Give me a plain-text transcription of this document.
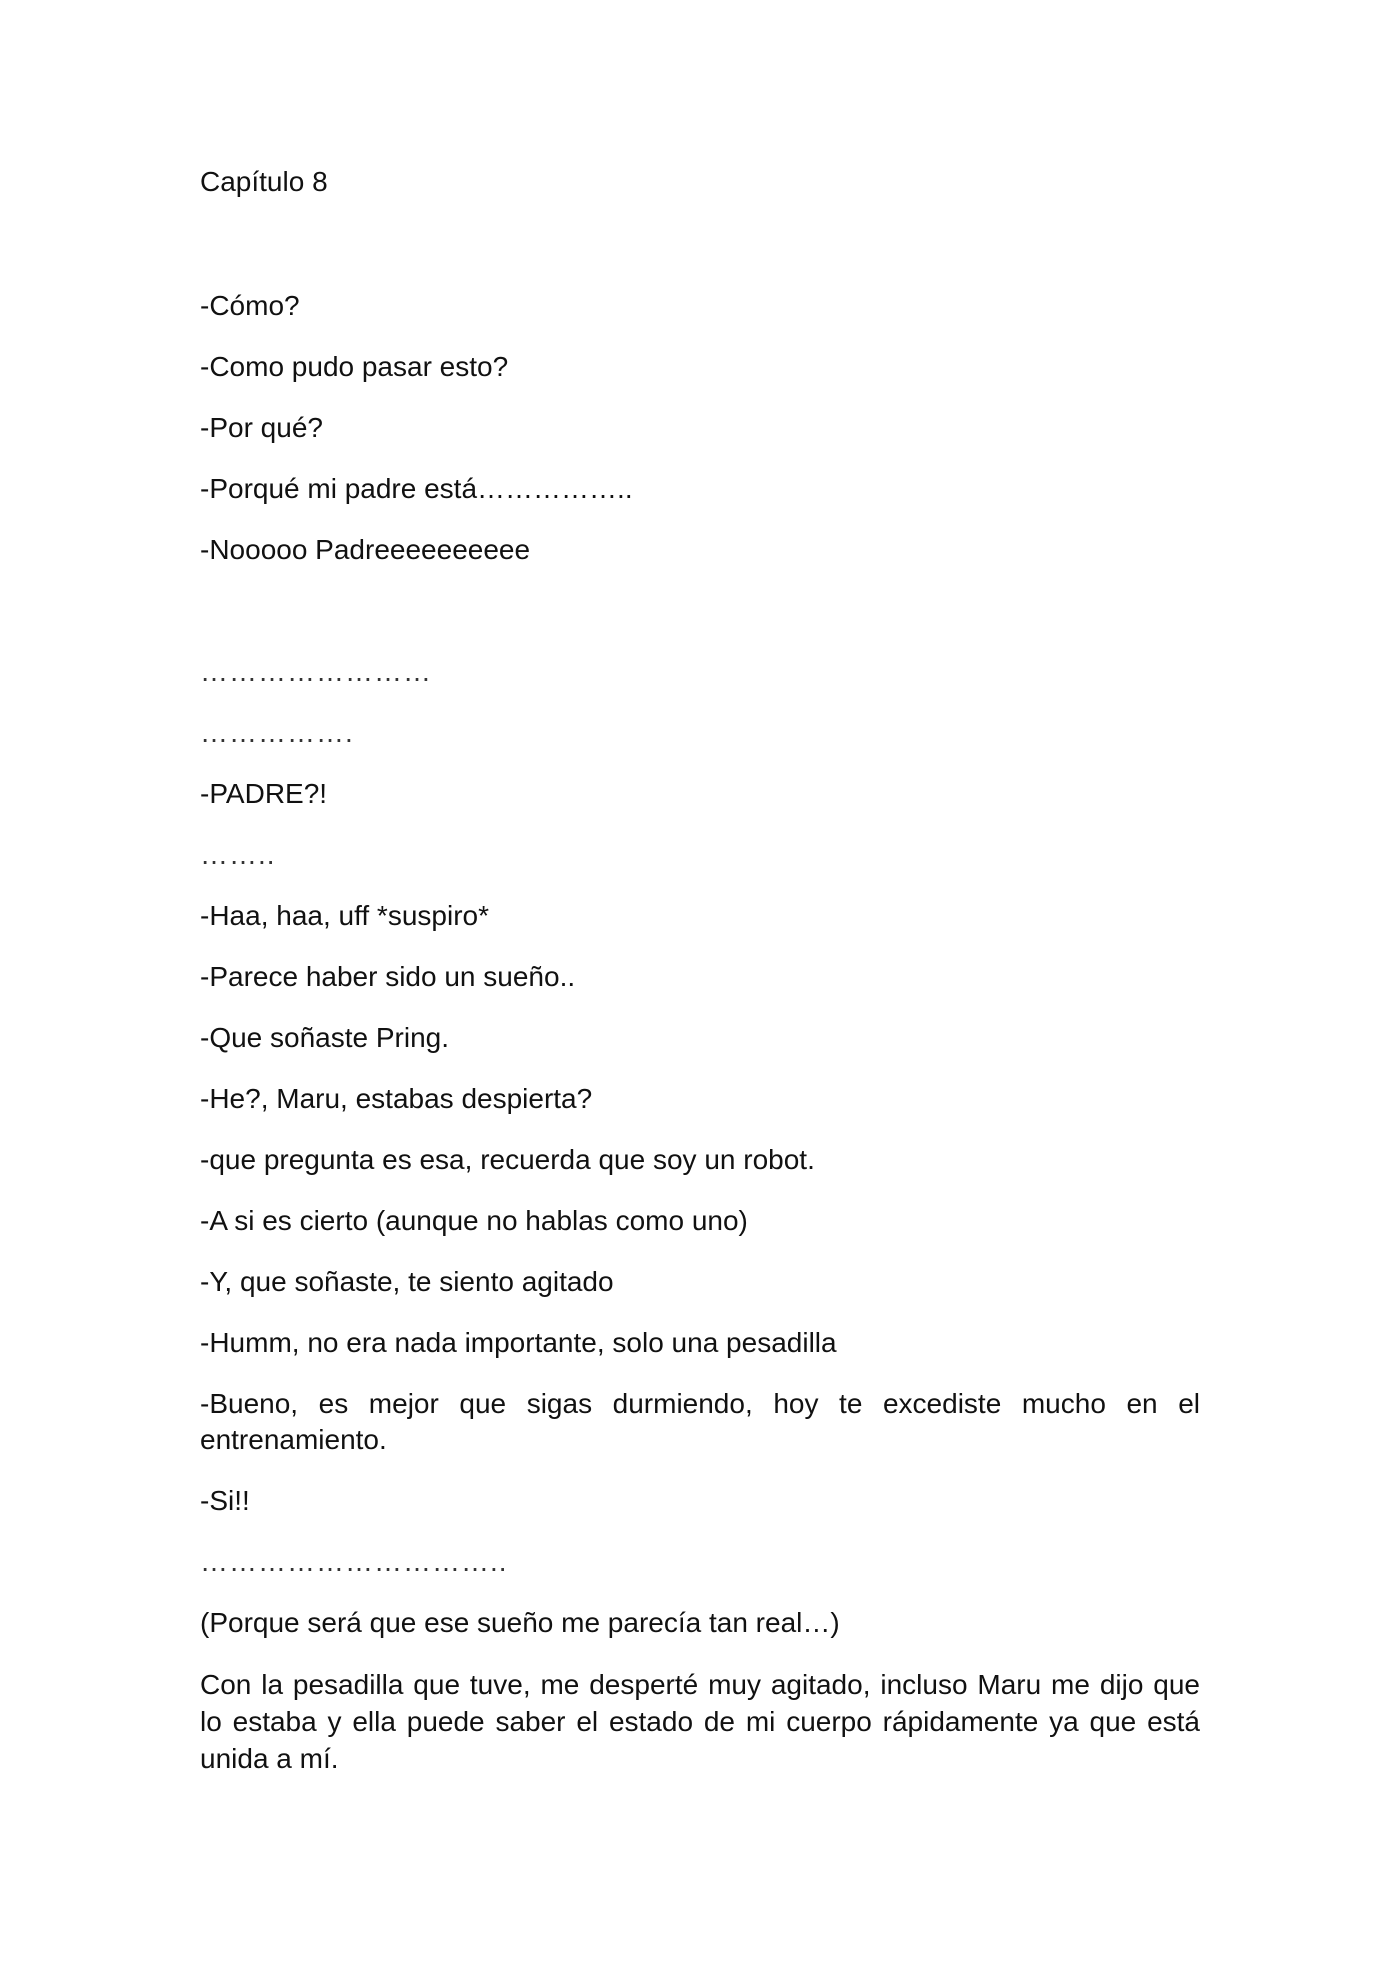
Capítulo 8

-Cómo?

-Como pudo pasar esto?

-Por qué?

-Porqué mi padre está……………..

-Nooooo Padreeeeeeeeee

……………………

…………….

-PADRE?!

……..

-Haa, haa, uff *suspiro*

-Parece haber sido un sueño..

-Que soñaste Pring.

-He?, Maru, estabas despierta?

-que pregunta es esa, recuerda que soy un robot.

-A si es cierto (aunque no hablas como uno)

-Y, que soñaste, te siento agitado

-Humm, no era nada importante, solo una pesadilla

-Bueno, es mejor que sigas durmiendo, hoy te excediste mucho en el entrenamiento.

-Si!!

…………………………..

(Porque será que ese sueño me parecía tan real…)

Con la pesadilla que tuve, me desperté muy agitado, incluso Maru me dijo que lo estaba y ella puede saber el estado de mi cuerpo rápidamente ya que está unida a mí.
